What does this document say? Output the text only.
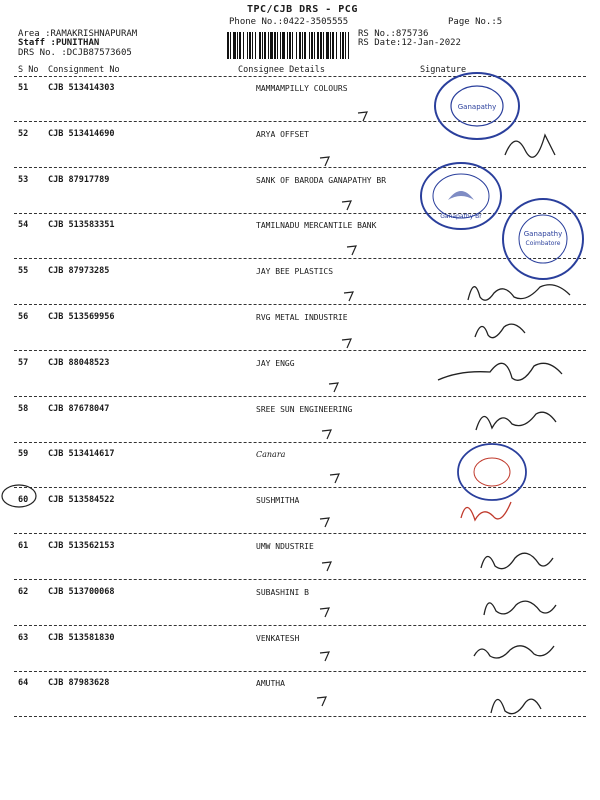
TPC/CJB DRS - PCG
Phone No.:0422-3505555	Page No.:5
Area :RAMAKRISHNAPURAM
Staff :PUNITHAN
DRS No. :DCJB87573605
RS No.:875736
RS Date:12-Jan-2022
S No Consignment No	Consignee Details	Signature
51 CJB 513414303	MAMMAMPILLY COLOURS
52 CJB 513414690	ARYA OFFSET
53 CJB 87917789	SANK OF BARODA GANAPATHY BR
54 CJB 513583351	TAMILNADU MERCANTILE BANK
55 CJB 87973285	JAY BEE PLASTICS
56 CJB 513569956	RVG METAL INDUSTRIE
57 CJB 88048523	JAY ENGG
58 CJB 87678047	SREE SUN ENGINEERING
59 CJB 513414617	Canara
60 CJB 513584522	SUSHMITHA
61 CJB 513562153	UMW NDUSTRIE
62 CJB 513700068	SUBASHINI B
63 CJB 513581830	VENKATESH
64 CJB 87983628	AMUTHA
Ganapathy
Ganapathy Br
Ganapathy
Coimbatore
